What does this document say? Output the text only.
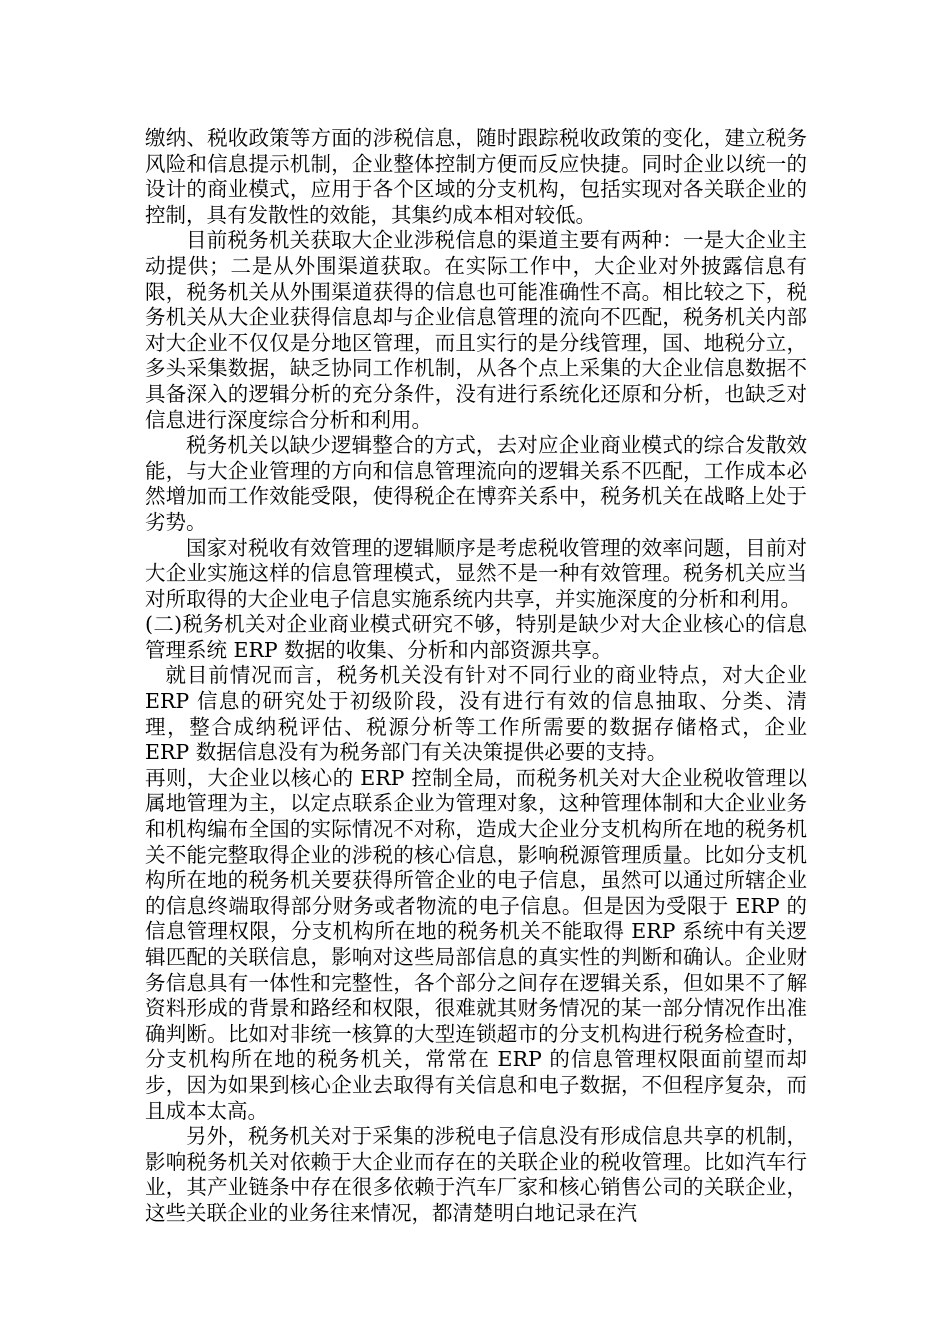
缴纳、税收政策等方面的涉税信息，随时跟踪税收政策的变化，建立税务风险和信息提示机制，企业整体控制方便而反应快捷。同时企业以统一的设计的商业模式，应用于各个区域的分支机构，包括实现对各关联企业的控制，具有发散性的效能，其集约成本相对较低。

目前税务机关获取大企业涉税信息的渠道主要有两种：一是大企业主动提供；二是从外围渠道获取。在实际工作中，大企业对外披露信息有限，税务机关从外围渠道获得的信息也可能准确性不高。相比较之下，税务机关从大企业获得信息却与企业信息管理的流向不匹配，税务机关内部对大企业不仅仅是分地区管理，而且实行的是分线管理，国、地税分立，多头采集数据，缺乏协同工作机制，从各个点上采集的大企业信息数据不具备深入的逻辑分析的充分条件，没有进行系统化还原和分析，也缺乏对信息进行深度综合分析和利用。

税务机关以缺少逻辑整合的方式，去对应企业商业模式的综合发散效能，与大企业管理的方向和信息管理流向的逻辑关系不匹配，工作成本必然增加而工作效能受限，使得税企在博弈关系中，税务机关在战略上处于劣势。

国家对税收有效管理的逻辑顺序是考虑税收管理的效率问题，目前对大企业实施这样的信息管理模式，显然不是一种有效管理。税务机关应当对所取得的大企业电子信息实施系统内共享，并实施深度的分析和利用。

(二)税务机关对企业商业模式研究不够，特别是缺少对大企业核心的信息管理系统 ERP 数据的收集、分析和内部资源共享。

就目前情况而言，税务机关没有针对不同行业的商业特点，对大企业 ERP 信息的研究处于初级阶段，没有进行有效的信息抽取、分类、清理，整合成纳税评估、税源分析等工作所需要的数据存储格式，企业 ERP 数据信息没有为税务部门有关决策提供必要的支持。

再则，大企业以核心的 ERP 控制全局，而税务机关对大企业税收管理以属地管理为主，以定点联系企业为管理对象，这种管理体制和大企业业务和机构编布全国的实际情况不对称，造成大企业分支机构所在地的税务机关不能完整取得企业的涉税的核心信息，影响税源管理质量。比如分支机构所在地的税务机关要获得所管企业的电子信息，虽然可以通过所辖企业的信息终端取得部分财务或者物流的电子信息。但是因为受限于 ERP 的信息管理权限，分支机构所在地的税务机关不能取得 ERP 系统中有关逻辑匹配的关联信息，影响对这些局部信息的真实性的判断和确认。企业财务信息具有一体性和完整性，各个部分之间存在逻辑关系，但如果不了解资料形成的背景和路经和权限，很难就其财务情况的某一部分情况作出准确判断。比如对非统一核算的大型连锁超市的分支机构进行税务检查时，分支机构所在地的税务机关，常常在 ERP 的信息管理权限面前望而却步，因为如果到核心企业去取得有关信息和电子数据，不但程序复杂，而且成本太高。

另外，税务机关对于采集的涉税电子信息没有形成信息共享的机制，影响税务机关对依赖于大企业而存在的关联企业的税收管理。比如汽车行业，其产业链条中存在很多依赖于汽车厂家和核心销售公司的关联企业，这些关联企业的业务往来情况，都清楚明白地记录在汽
